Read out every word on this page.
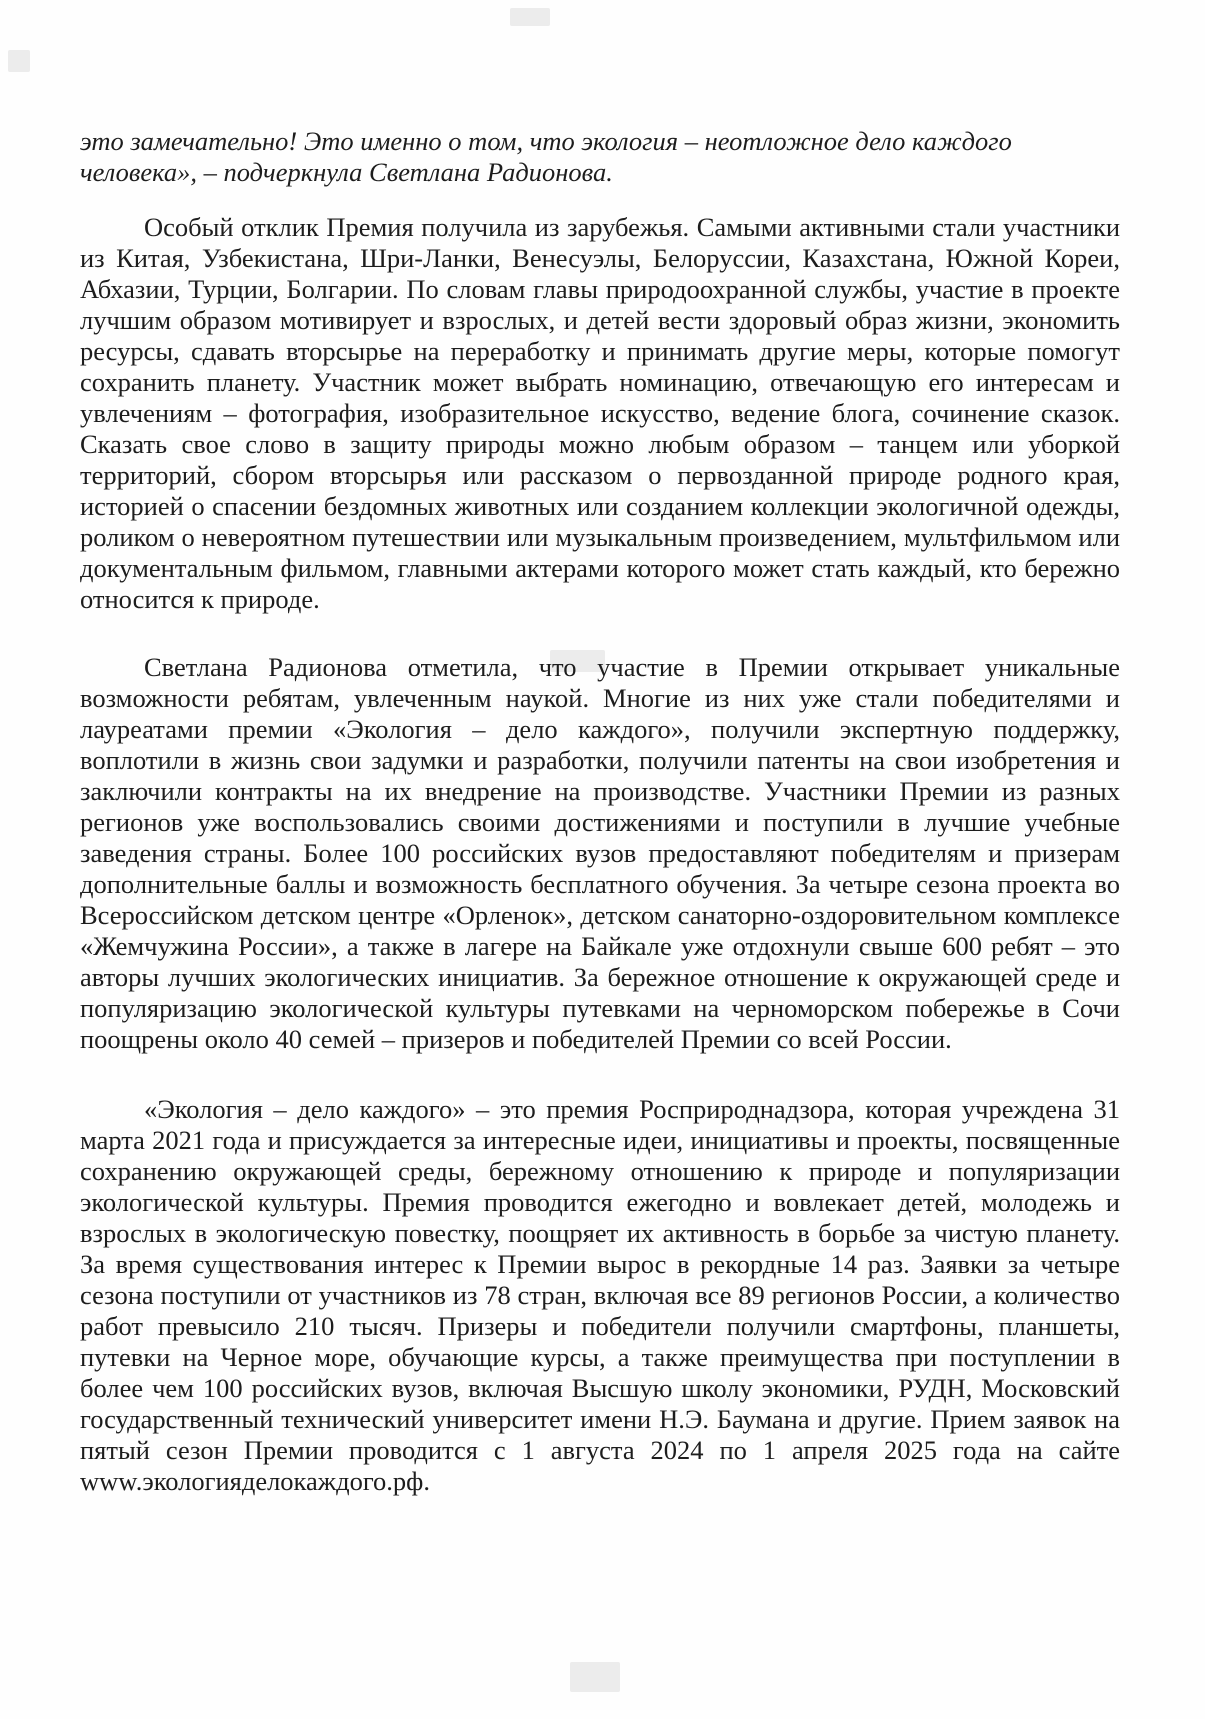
это замечательно! Это именно о том, что экология – неотложное дело каждого
человека», – подчеркнула Светлана Радионова.

Особый отклик Премия получила из зарубежья. Самыми активными стали участники из Китая, Узбекистана, Шри-Ланки, Венесуэлы, Белоруссии, Казахстана, Южной Кореи, Абхазии, Турции, Болгарии. По словам главы природоохранной службы, участие в проекте лучшим образом мотивирует и взрослых, и детей вести здоровый образ жизни, экономить ресурсы, сдавать вторсырье на переработку и принимать другие меры, которые помогут сохранить планету. Участник может выбрать номинацию, отвечающую его интересам и увлечениям – фотография, изобразительное искусство, ведение блога, сочинение сказок. Сказать свое слово в защиту природы можно любым образом – танцем или уборкой территорий, сбором вторсырья или рассказом о первозданной природе родного края, историей о спасении бездомных животных или созданием коллекции экологичной одежды, роликом о невероятном путешествии или музыкальным произведением, мультфильмом или документальным фильмом, главными актерами которого может стать каждый, кто бережно относится к природе.

Светлана Радионова отметила, что участие в Премии открывает уникальные возможности ребятам, увлеченным наукой. Многие из них уже стали победителями и лауреатами премии «Экология – дело каждого», получили экспертную поддержку, воплотили в жизнь свои задумки и разработки, получили патенты на свои изобретения и заключили контракты на их внедрение на производстве. Участники Премии из разных регионов уже воспользовались своими достижениями и поступили в лучшие учебные заведения страны. Более 100 российских вузов предоставляют победителям и призерам дополнительные баллы и возможность бесплатного обучения. За четыре сезона проекта во Всероссийском детском центре «Орленок», детском санаторно-оздоровительном комплексе «Жемчужина России», а также в лагере на Байкале уже отдохнули свыше 600 ребят – это авторы лучших экологических инициатив. За бережное отношение к окружающей среде и популяризацию экологической культуры путевками на черноморском побережье в Сочи поощрены около 40 семей – призеров и победителей Премии со всей России.

«Экология – дело каждого» – это премия Росприроднадзора, которая учреждена 31 марта 2021 года и присуждается за интересные идеи, инициативы и проекты, посвященные сохранению окружающей среды, бережному отношению к природе и популяризации экологической культуры. Премия проводится ежегодно и вовлекает детей, молодежь и взрослых в экологическую повестку, поощряет их активность в борьбе за чистую планету. За время существования интерес к Премии вырос в рекордные 14 раз. Заявки за четыре сезона поступили от участников из 78 стран, включая все 89 регионов России, а количество работ превысило 210 тысяч. Призеры и победители получили смартфоны, планшеты, путевки на Черное море, обучающие курсы, а также преимущества при поступлении в более чем 100 российских вузов, включая Высшую школу экономики, РУДН, Московский государственный технический университет имени Н.Э. Баумана и другие. Прием заявок на пятый сезон Премии проводится с 1 августа 2024 по 1 апреля 2025 года на сайте www.экологияделокаждого.рф.
